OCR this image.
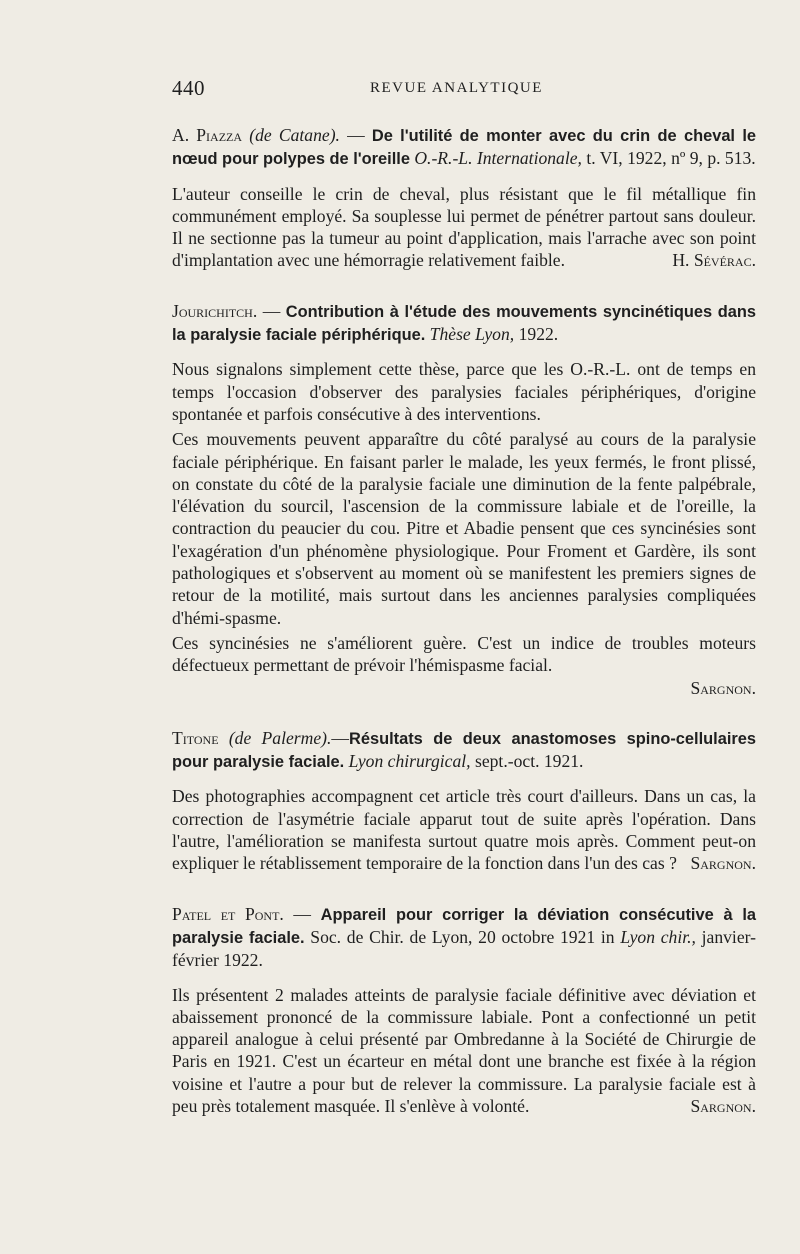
440	REVUE ANALYTIQUE

A. Piazza (de Catane). — De l'utilité de monter avec du crin de cheval le nœud pour polypes de l'oreille O.-R.-L. Internationale, t. VI, 1922, nº 9, p. 513.

L'auteur conseille le crin de cheval, plus résistant que le fil métallique fin communément employé. Sa souplesse lui permet de pénétrer partout sans douleur. Il ne sectionne pas la tumeur au point d'application, mais l'arrache avec son point d'implantation avec une hémorragie relativement faible.	H. Sévérac.

Jouricнitch. — Contribution à l'étude des mouvements syncinétiques dans la paralysie faciale périphérique. Thèse Lyon, 1922.

Nous signalons simplement cette thèse, parce que les O.-R.-L. ont de temps en temps l'occasion d'observer des paralysies faciales périphériques, d'origine spontanée et parfois consécutive à des interventions.

Ces mouvements peuvent apparaître du côté paralysé au cours de la paralysie faciale périphérique. En faisant parler le malade, les yeux fermés, le front plissé, on constate du côté de la paralysie faciale une diminution de la fente palpébrale, l'élévation du sourcil, l'ascension de la commissure labiale et de l'oreille, la contraction du peaucier du cou. Pitre et Abadie pensent que ces syncinésies sont l'exagération d'un phénomène physiologique. Pour Froment et Gardère, ils sont pathologiques et s'observent au moment où se manifestent les premiers signes de retour de la motilité, mais surtout dans les anciennes paralysies compliquées d'hémi-spasme.

Ces syncinésies ne s'améliorent guère. C'est un indice de troubles moteurs défectueux permettant de prévoir l'hémispasme facial.

Sargnon.

Titone (de Palerme).—Résultats de deux anastomoses spino-cellulaires pour paralysie faciale. Lyon chirurgical, sept.-oct. 1921.

Des photographies accompagnent cet article très court d'ailleurs. Dans un cas, la correction de l'asymétrie faciale apparut tout de suite après l'opération. Dans l'autre, l'amélioration se manifesta surtout quatre mois après. Comment peut-on expliquer le rétablissement temporaire de la fonction dans l'un des cas ? Sargnon.

Patel et Pont. — Appareil pour corriger la déviation consécutive à la paralysie faciale. Soc. de Chir. de Lyon, 20 octobre 1921 in Lyon chir., janvier-février 1922.

Ils présentent 2 malades atteints de paralysie faciale définitive avec déviation et abaissement prononcé de la commissure labiale. Pont a confectionné un petit appareil analogue à celui présenté par Ombredanne à la Société de Chirurgie de Paris en 1921. C'est un écarteur en métal dont une branche est fixée à la région voisine et l'autre a pour but de relever la commissure. La paralysie faciale est à peu près totalement masquée. Il s'enlève à volonté.	Sargnon.
